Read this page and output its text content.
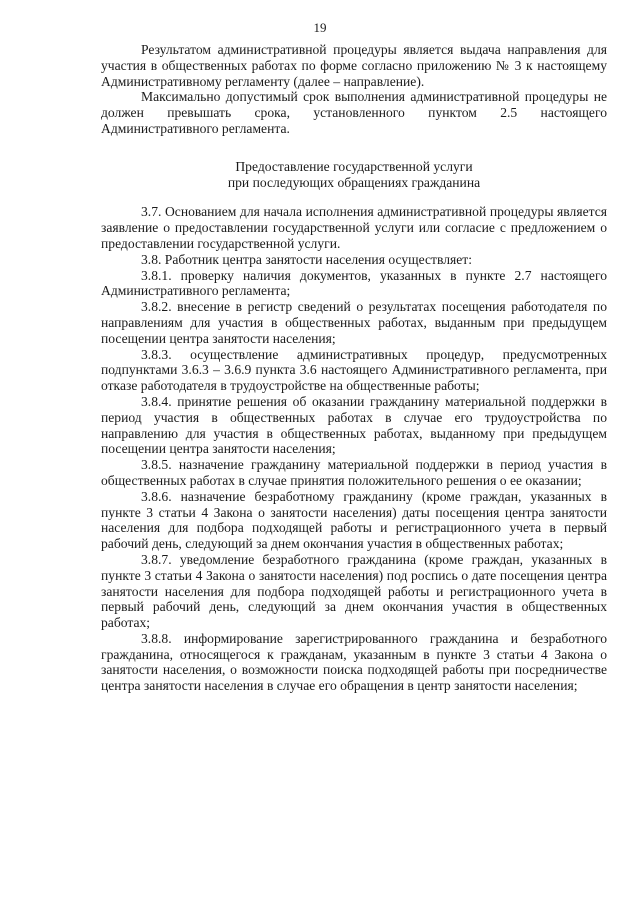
19

Результатом административной процедуры является выдача направления для участия в общественных работах по форме согласно приложению № 3 к настоящему Административному регламенту (далее – направление).

Максимально допустимый срок выполнения административной процедуры не должен превышать срока, установленного пунктом 2.5 настоящего Административного регламента.

Предоставление государственной услуги
при последующих обращениях гражданина

3.7. Основанием для начала исполнения административной процедуры является заявление о предоставлении государственной услуги или согласие с предложением о предоставлении государственной услуги.

3.8. Работник центра занятости населения осуществляет:

3.8.1. проверку наличия документов, указанных в пункте 2.7 настоящего Административного регламента;

3.8.2. внесение в регистр сведений о результатах посещения работодателя по направлениям для участия в общественных работах, выданным при предыдущем посещении центра занятости населения;

3.8.3. осуществление административных процедур, предусмотренных подпунктами 3.6.3 – 3.6.9 пункта 3.6 настоящего Административного регламента, при отказе работодателя в трудоустройстве на общественные работы;

3.8.4. принятие решения об оказании гражданину материальной поддержки в период участия в общественных работах в случае его трудоустройства по направлению для участия в общественных работах, выданному при предыдущем посещении центра занятости населения;

3.8.5. назначение гражданину материальной поддержки в период участия в общественных работах в случае принятия положительного решения о ее оказании;

3.8.6. назначение безработному гражданину (кроме граждан, указанных в пункте 3 статьи 4 Закона о занятости населения) даты посещения центра занятости населения для подбора подходящей работы и регистрационного учета в первый рабочий день, следующий за днем окончания участия в общественных работах;

3.8.7. уведомление безработного гражданина (кроме граждан, указанных в пункте 3 статьи 4 Закона о занятости населения) под роспись о дате посещения центра занятости населения для подбора подходящей работы и регистрационного учета в первый рабочий день, следующий за днем окончания участия в общественных работах;

3.8.8. информирование зарегистрированного гражданина и безработного гражданина, относящегося к гражданам, указанным в пункте 3 статьи 4 Закона о занятости населения, о возможности поиска подходящей работы при посредничестве центра занятости населения в случае его обращения в центр занятости населения;
